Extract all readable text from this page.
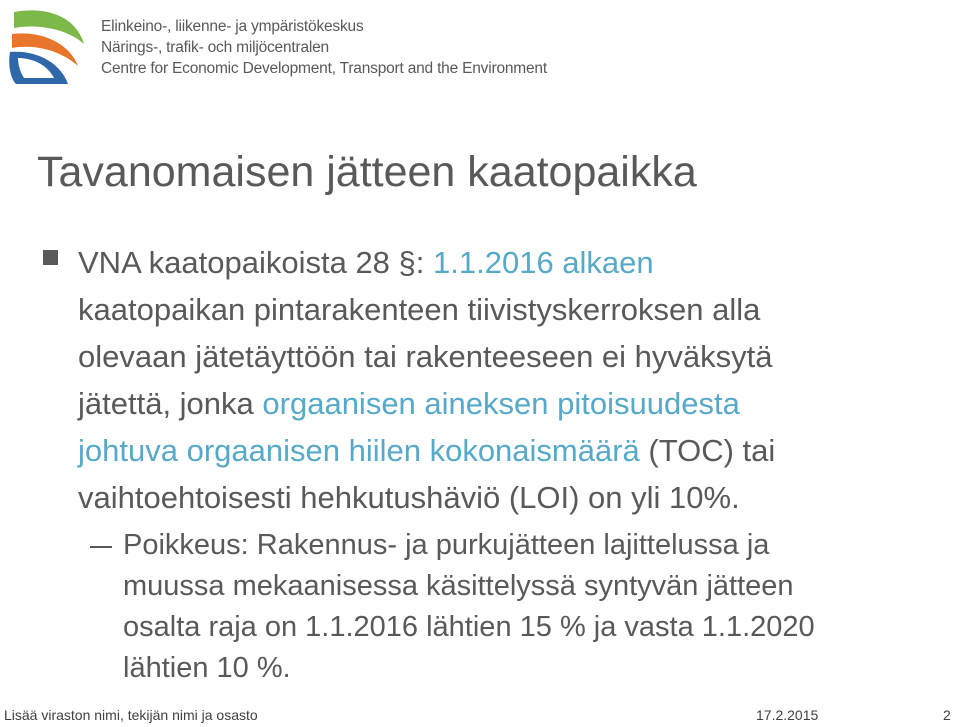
Elinkeino-, liikenne- ja ympäristökeskus
Närings-, trafik- och miljöcentralen
Centre for Economic Development, Transport and the Environment
Tavanomaisen jätteen kaatopaikka
VNA kaatopaikoista 28 §: 1.1.2016 alkaen
kaatopaikan pintarakenteen tiivistyskerroksen alla
olevaan jätetäyttöön tai rakenteeseen ei hyväksytä
jätettä, jonka orgaanisen aineksen pitoisuudesta
johtuva orgaanisen hiilen kokonaismäärä (TOC) tai
vaihtoehtoisesti hehkutushäviö (LOI) on yli 10%.
Poikkeus: Rakennus- ja purkujätteen lajittelussa ja
muussa mekaanisessa käsittelyssä syntyvän jätteen
osalta raja on 1.1.2016 lähtien 15 % ja vasta 1.1.2020
lähtien 10 %.
Lisää viraston nimi, tekijän nimi ja osasto	17.2.2015	2
